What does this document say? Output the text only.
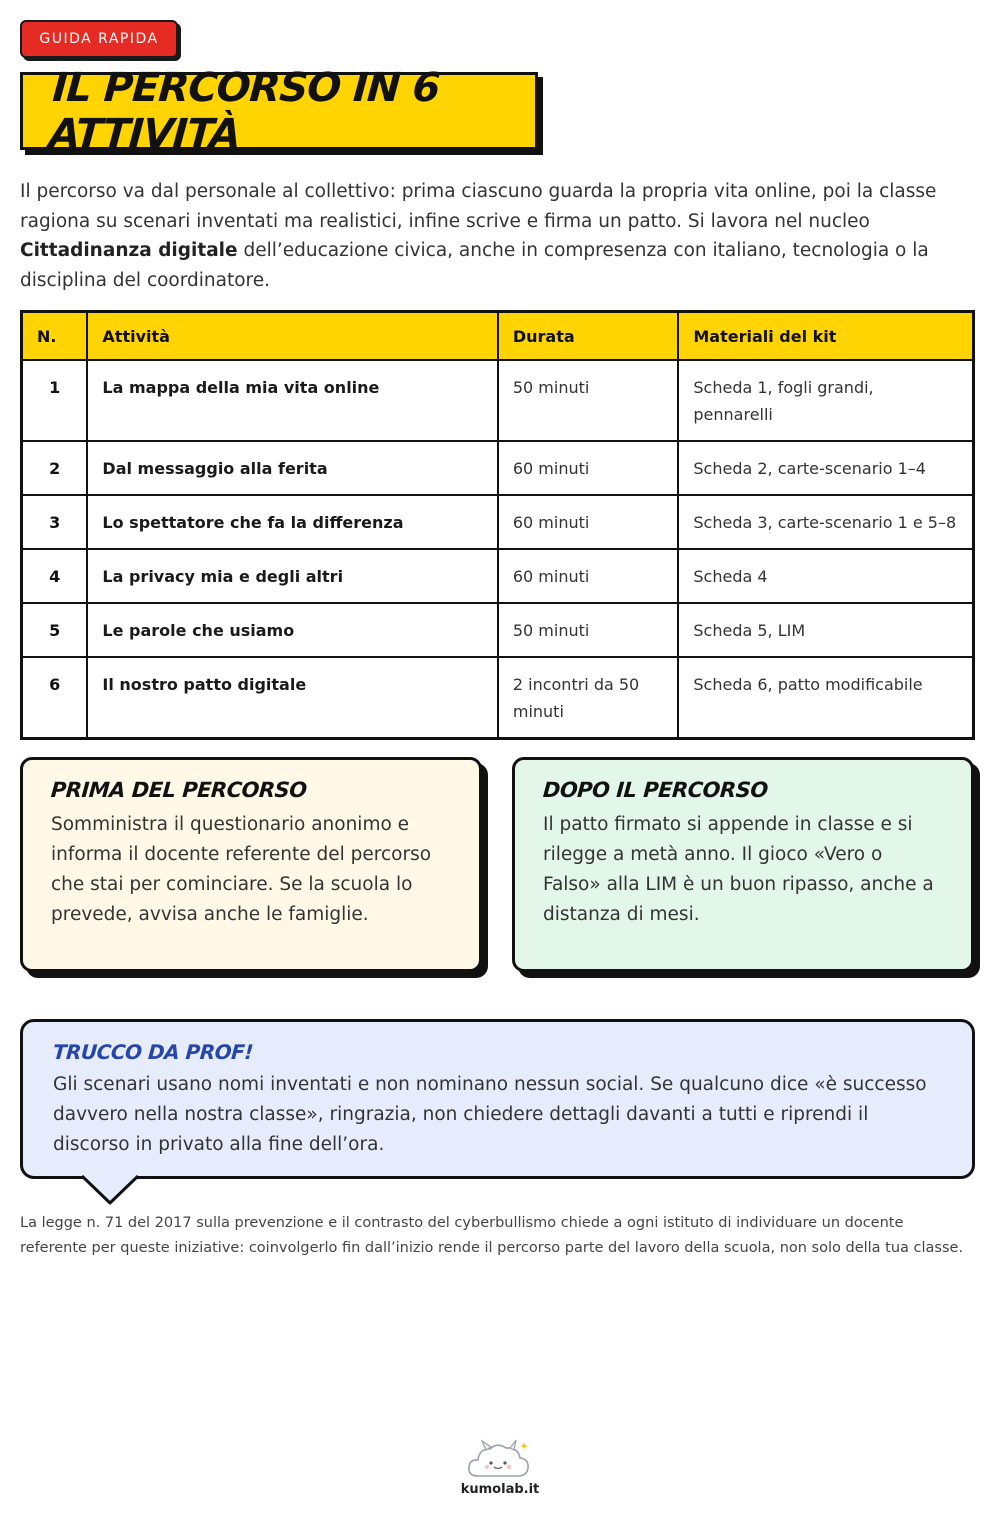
GUIDA RAPIDA
IL PERCORSO IN 6 ATTIVITÀ

Il percorso va dal personale al collettivo: prima ciascuno guarda la propria vita online, poi la classe ragiona su scenari inventati ma realistici, infine scrive e firma un patto. Si lavora nel nucleo Cittadinanza digitale dell’educazione civica, anche in compresenza con italiano, tecnologia o la disciplina del coordinatore.

N.	Attività	Durata	Materiali del kit
1	La mappa della mia vita online	50 minuti	Scheda 1, fogli grandi, pennarelli
2	Dal messaggio alla ferita	60 minuti	Scheda 2, carte-scenario 1–4
3	Lo spettatore che fa la differenza	60 minuti	Scheda 3, carte-scenario 1 e 5–8
4	La privacy mia e degli altri	60 minuti	Scheda 4
5	Le parole che usiamo	50 minuti	Scheda 5, LIM
6	Il nostro patto digitale	2 incontri da 50 minuti	Scheda 6, patto modificabile
PRIMA DEL PERCORSO

Somministra il questionario anonimo e informa il docente referente del percorso che stai per cominciare. Se la scuola lo prevede, avvisa anche le famiglie.

DOPO IL PERCORSO

Il patto firmato si appende in classe e si rilegge a metà anno. Il gioco «Vero o Falso» alla LIM è un buon ripasso, anche a distanza di mesi.

TRUCCO DA PROF!

Gli scenari usano nomi inventati e non nominano nessun social. Se qualcuno dice «è successo davvero nella nostra classe», ringrazia, non chiedere dettagli davanti a tutti e riprendi il discorso in privato alla fine dell’ora.

La legge n. 71 del 2017 sulla prevenzione e il contrasto del cyberbullismo chiede a ogni istituto di individuare un docente referente per queste iniziative: coinvolgerlo fin dall’inizio rende il percorso parte del lavoro della scuola, non solo della tua classe.

kumolab.it
